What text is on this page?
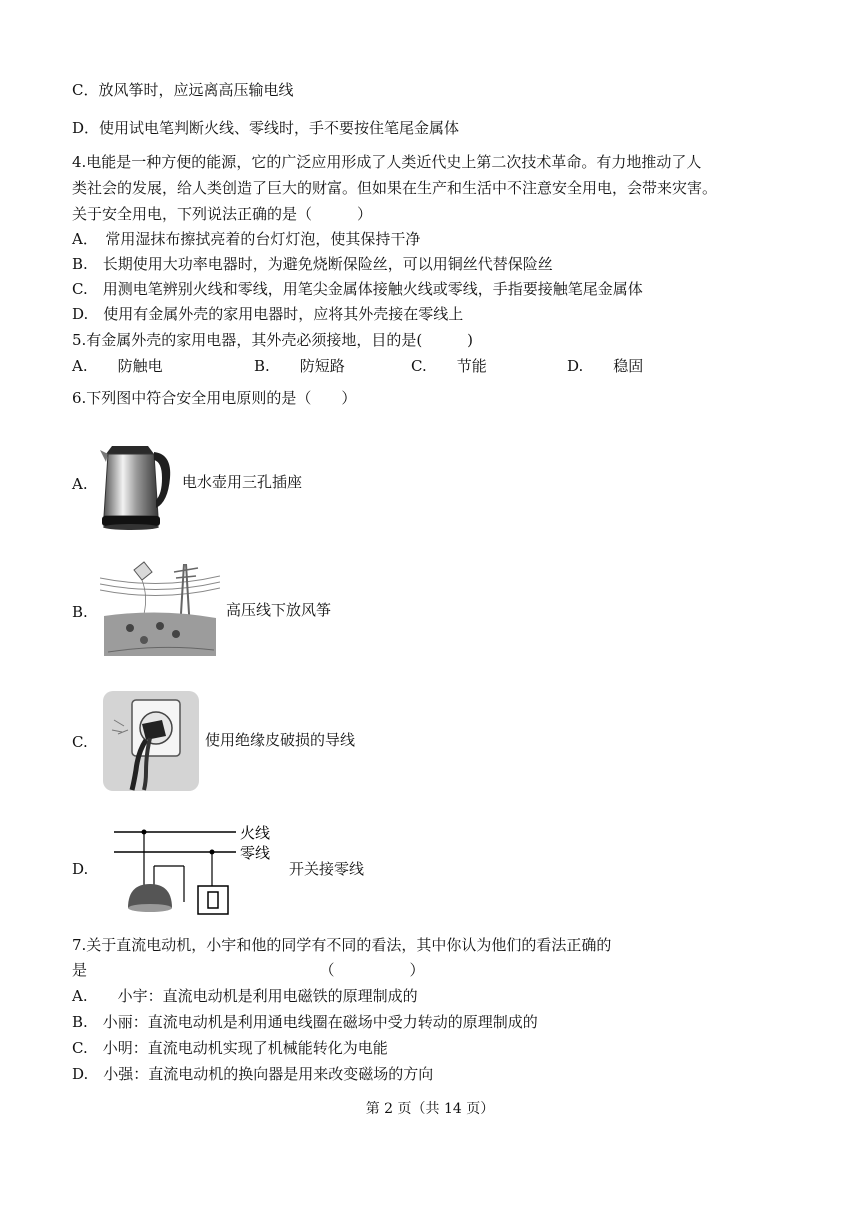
C．放风筝时，应远离高压输电线
D．使用试电笔判断火线、零线时，手不要按住笔尾金属体
4.电能是一种方便的能源，它的广泛应用形成了人类近代史上第二次技术革命。有力地推动了人
类社会的发展，给人类创造了巨大的财富。但如果在生产和生活中不注意安全用电，会带来灾害。
关于安全用电，下列说法正确的是（　　　）
A．　常用湿抹布擦拭亮着的台灯灯泡，使其保持干净
B.　长期使用大功率电器时，为避免烧断保险丝，可以用铜丝代替保险丝
C.　用测电笔辨别火线和零线，用笔尖金属体接触火线或零线，手指要接触笔尾金属体
D.　使用有金属外壳的家用电器时，应将其外壳接在零线上
5.有金属外壳的家用电器，其外壳必须接地，目的是(　　　)
A.　　防触电	B.　　防短路	C.　　节能	D.　　稳固
6.下列图中符合安全用电原则的是（　　）
A.	电水壶用三孔插座
B.	高压线下放风筝
C.	使用绝缘皮破损的导线
D.
火线
零线
开关接零线
7.关于直流电动机，小宇和他的同学有不同的看法，其中你认为他们的看法正确的
是　　　　　　　　　　　　　　　　（　　　　　）
A.　　小宇：直流电动机是利用电磁铁的原理制成的
B.　小丽：直流电动机是利用通电线圈在磁场中受力转动的原理制成的
C.　小明：直流电动机实现了机械能转化为电能
D.　小强：直流电动机的换向器是用来改变磁场的方向
第 2 页（共 14 页）
